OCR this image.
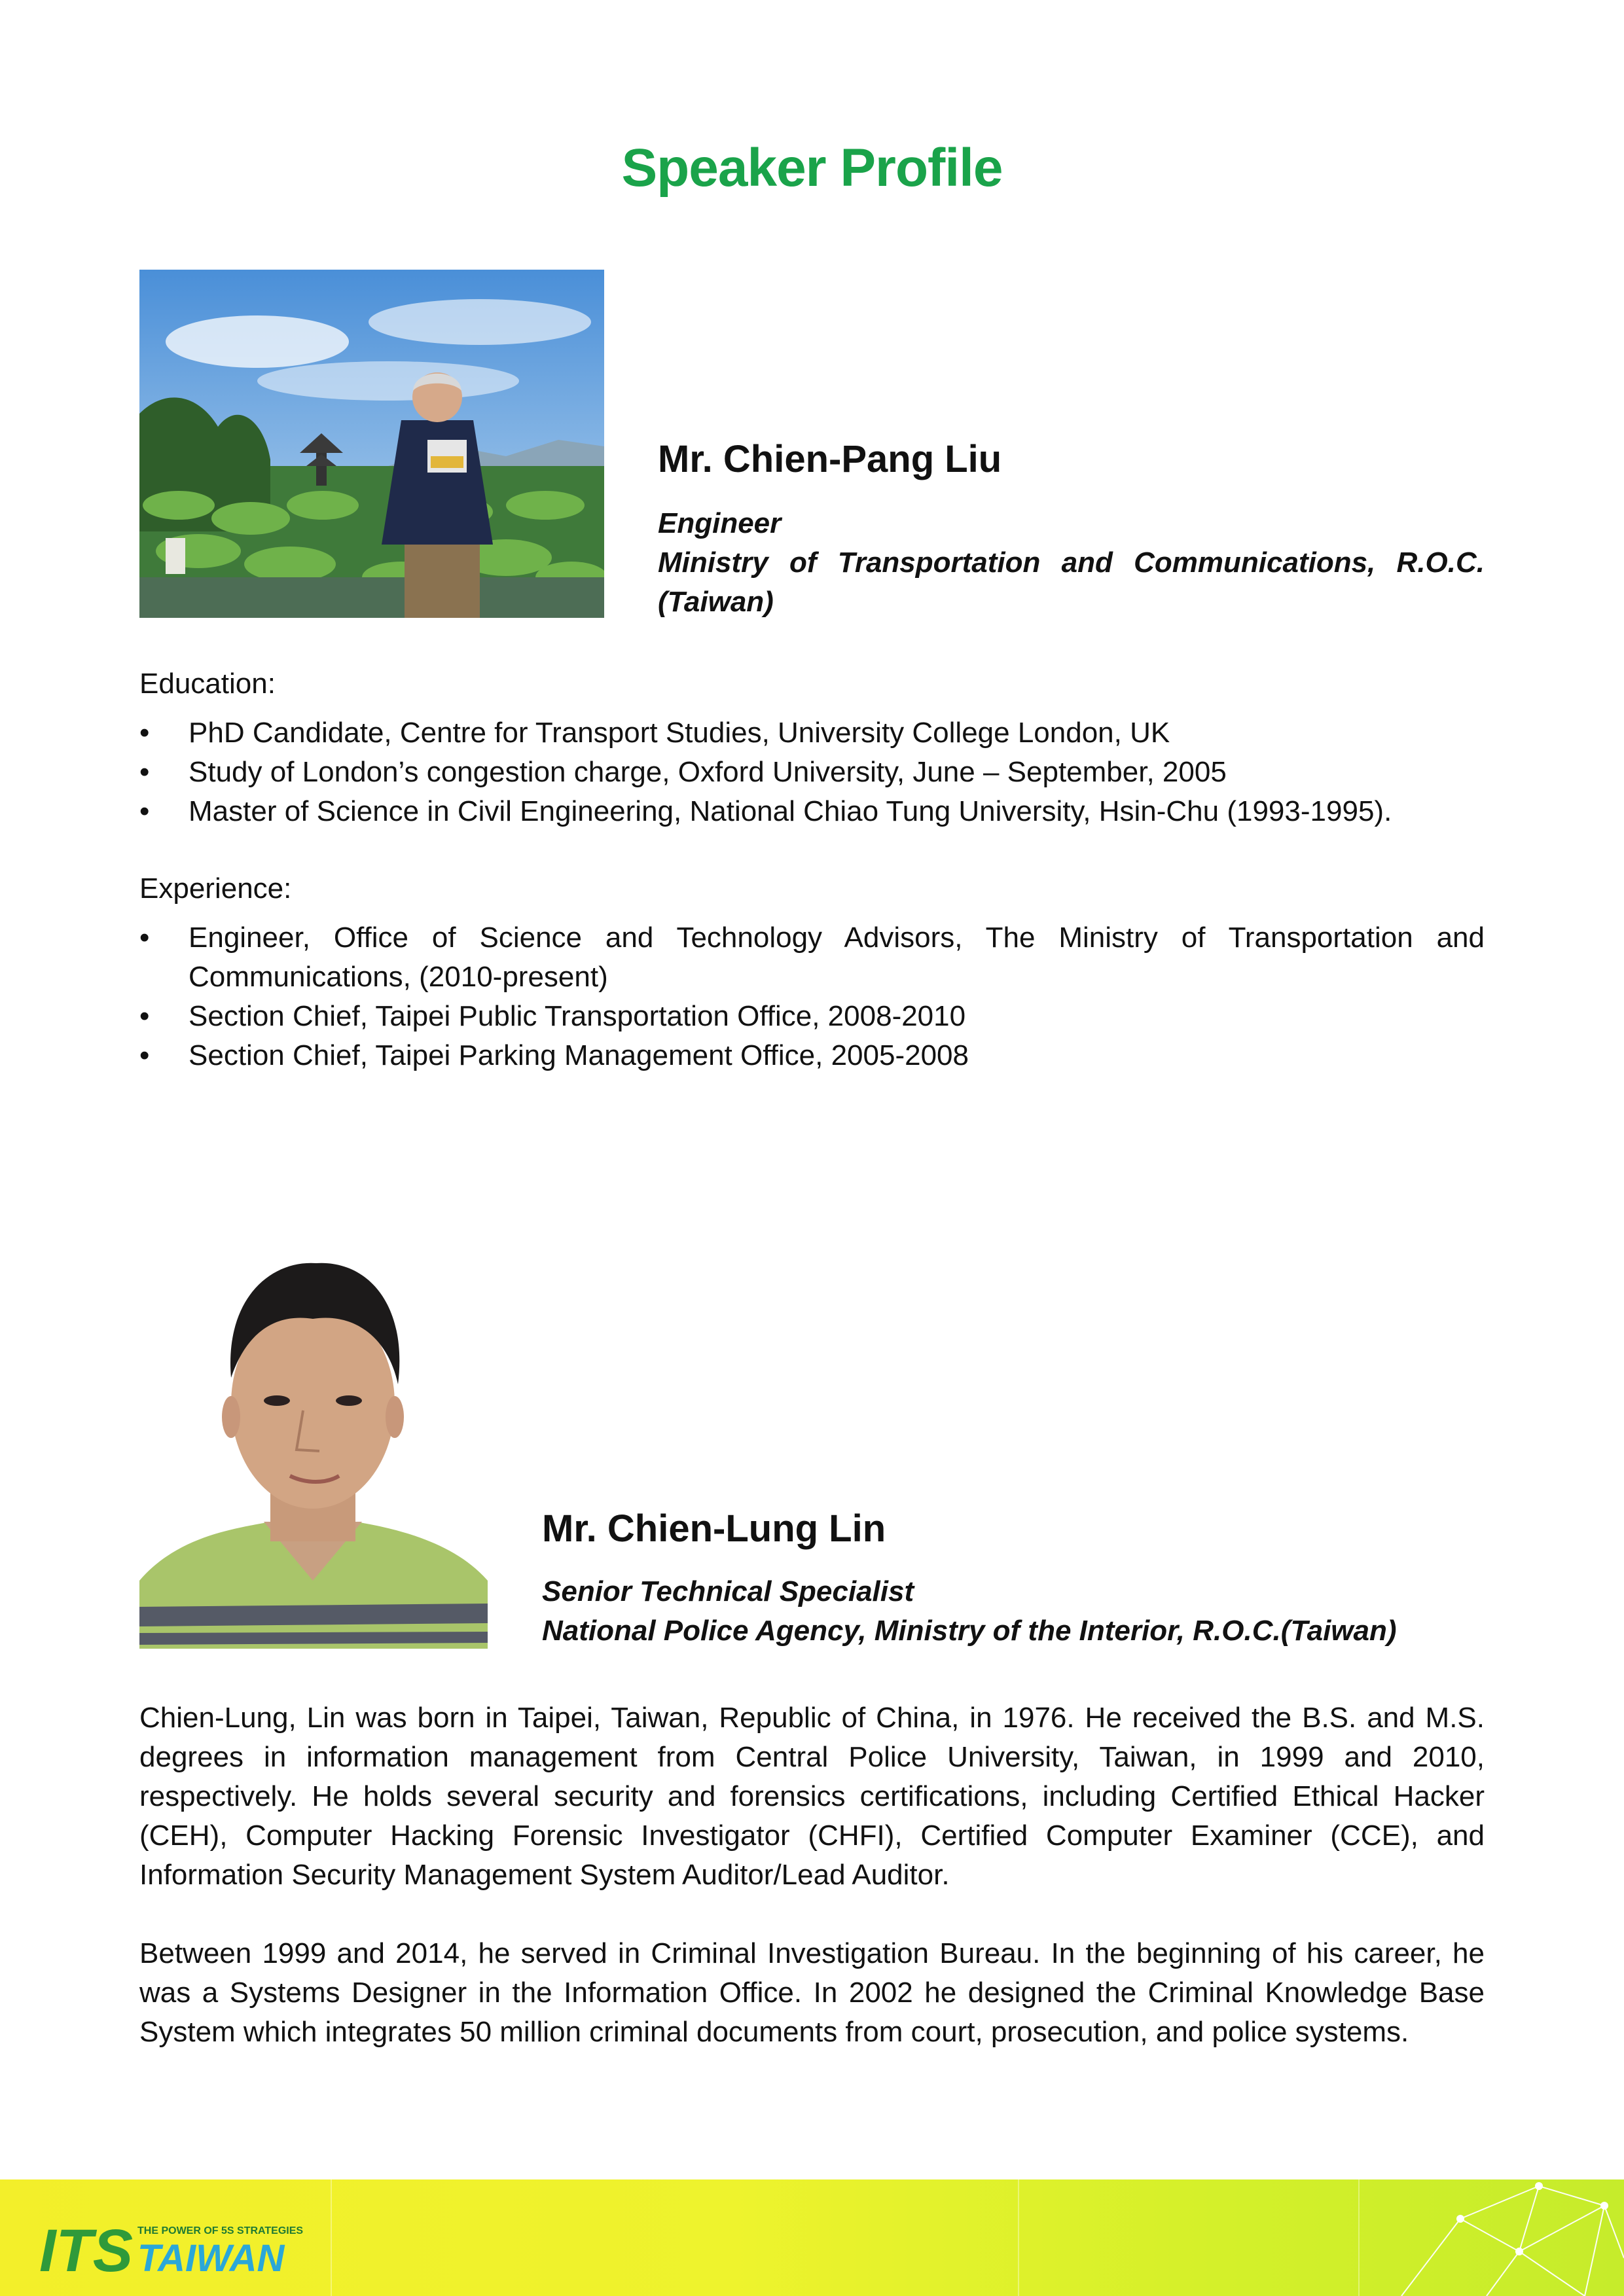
Speaker Profile
Mr. Chien-Pang Liu
Engineer
Ministry of Transportation and Communications, R.O.C.
(Taiwan)
Education:
• PhD Candidate, Centre for Transport Studies, University College London, UK
• Study of London’s congestion charge, Oxford University, June – September, 2005
• Master of Science in Civil Engineering, National Chiao Tung University, Hsin-Chu (1993-1995).
Experience:
• Engineer, Office of Science and Technology Advisors, The Ministry of Transportation and Communications, (2010-present)
• Section Chief, Taipei Public Transportation Office, 2008-2010
• Section Chief, Taipei Parking Management Office, 2005-2008
Mr. Chien-Lung Lin
Senior Technical Specialist
National Police Agency, Ministry of the Interior, R.O.C.(Taiwan)

Chien-Lung, Lin was born in Taipei, Taiwan, Republic of China, in 1976. He received the B.S. and M.S. degrees in information management from Central Police University, Taiwan, in 1999 and 2010, respectively. He holds several security and forensics certifications, including Certified Ethical Hacker (CEH), Computer Hacking Forensic Investigator (CHFI), Certified Computer Examiner (CCE), and Information Security Management System Auditor/Lead Auditor.

Between 1999 and 2014, he served in Criminal Investigation Bureau. In the beginning of his career, he was a Systems Designer in the Information Office. In 2002 he designed the Criminal Knowledge Base System which integrates 50 million criminal documents from court, prosecution, and police systems.

ITS THE POWER OF 5S STRATEGIES
TAIWAN
